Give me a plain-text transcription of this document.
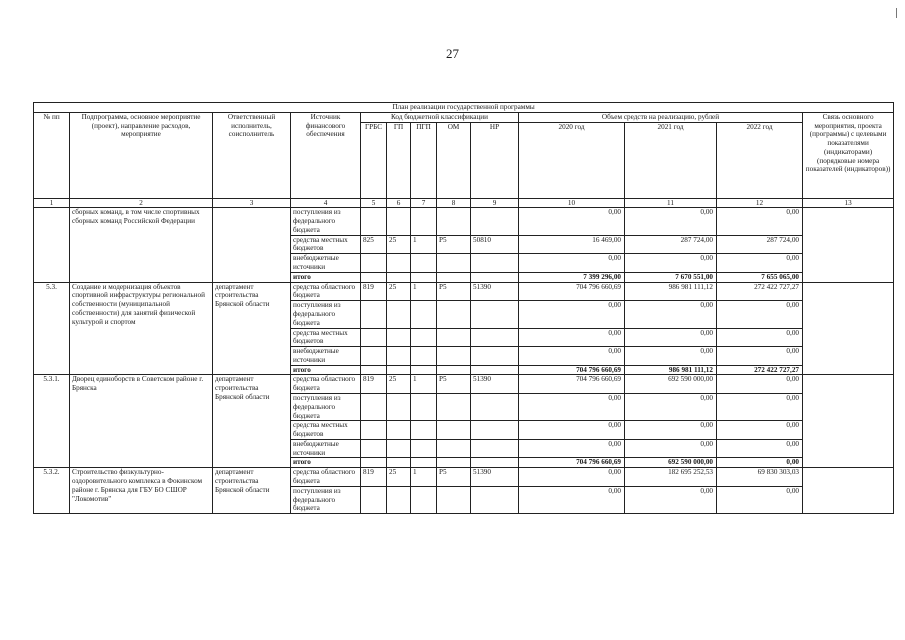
27
План реализации государственной программы												
№ пп	Подпрограмма, основное мероприятие (проект), направление расходов, мероприятие	Ответственный исполнитель, соисполнитель	Источник финансового обеспечения	Код бюджетной классификации					Объем средств на реализацию, рублей			Связь основного мероприятия, проекта (программы) с целевыми показателями (индикаторами) (порядковые номера показателей (индикаторов))
				ГРБС	ГП	ПГП	ОМ	НР	2020 год	2021 год	2022 год	
1	2	3	4	5	6	7	8	9	10	11	12	13
	сборных команд, в том числе спортивных сборных команд Российской Федерации		поступления из федерального бюджета						0,00	0,00	0,00	
			средства местных бюджетов	825	25	1	P5	50810	16 469,00	287 724,00	287 724,00	
			внебюджетные источники						0,00	0,00	0,00	
			итого						7 399 296,00	7 670 551,00	7 655 065,00	
5.3.	Создание и модернизация объектов спортивной инфраструктуры региональной собственности (муниципальной собственности) для занятий физической культурой и спортом	департамент строительства Брянской области	средства областного бюджета	819	25	1	P5	51390	704 796 660,69	986 981 111,12	272 422 727,27	
			поступления из федерального бюджета						0,00	0,00	0,00	
			средства местных бюджетов						0,00	0,00	0,00	
			внебюджетные источники						0,00	0,00	0,00	
			итого						704 796 660,69	986 981 111,12	272 422 727,27	
5.3.1.	Дворец единоборств в Советском районе г. Брянска	департамент строительства Брянской области	средства областного бюджета	819	25	1	P5	51390	704 796 660,69	692 590 000,00	0,00	
			поступления из федерального бюджета						0,00	0,00	0,00	
			средства местных бюджетов						0,00	0,00	0,00	
			внебюджетные источники						0,00	0,00	0,00	
			итого						704 796 660,69	692 590 000,00	0,00	
5.3.2.	Строительство физкультурно-оздоровительного комплекса в Фокинском районе г. Брянска для ГБУ БО СШОР "Локомотив"	департамент строительства Брянской области	средства областного бюджета	819	25	1	P5	51390	0,00	182 695 252,53	69 830 303,03	
			поступления из федерального бюджета						0,00	0,00	0,00	
